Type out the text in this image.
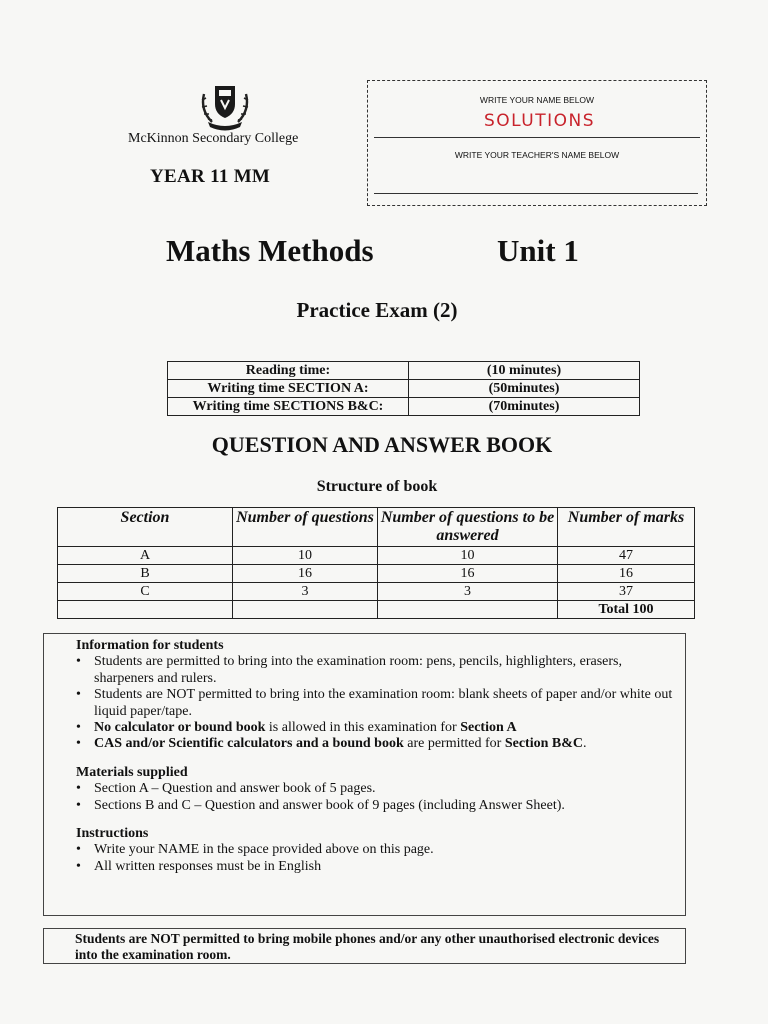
McKinnon Secondary College
YEAR 11 MM
WRITE YOUR NAME BELOW
SOLUTIONS
WRITE YOUR TEACHER'S NAME BELOW
Maths Methods	Unit 1
Practice Exam (2)
Reading time:	(10 minutes)
Writing time SECTION A:	(50minutes)
Writing time SECTIONS B&C:	(70minutes)
QUESTION AND ANSWER BOOK
Structure of book
Section	Number of questions	Number of questions to be answered	Number of marks
A	10	10	47
B	16	16	16
C	3	3	37
			Total 100
Information for students
• Students are permitted to bring into the examination room: pens, pencils, highlighters, erasers, sharpeners and rulers.
• Students are NOT permitted to bring into the examination room: blank sheets of paper and/or white out liquid paper/tape.
• No calculator or bound book is allowed in this examination for Section A
• CAS and/or Scientific calculators and a bound book are permitted for Section B&C.
Materials supplied
• Section A – Question and answer book of 5 pages.
• Sections B and C – Question and answer book of 9 pages (including Answer Sheet).
Instructions
• Write your NAME in the space provided above on this page.
• All written responses must be in English
Students are NOT permitted to bring mobile phones and/or any other unauthorised electronic devices into the examination room.
